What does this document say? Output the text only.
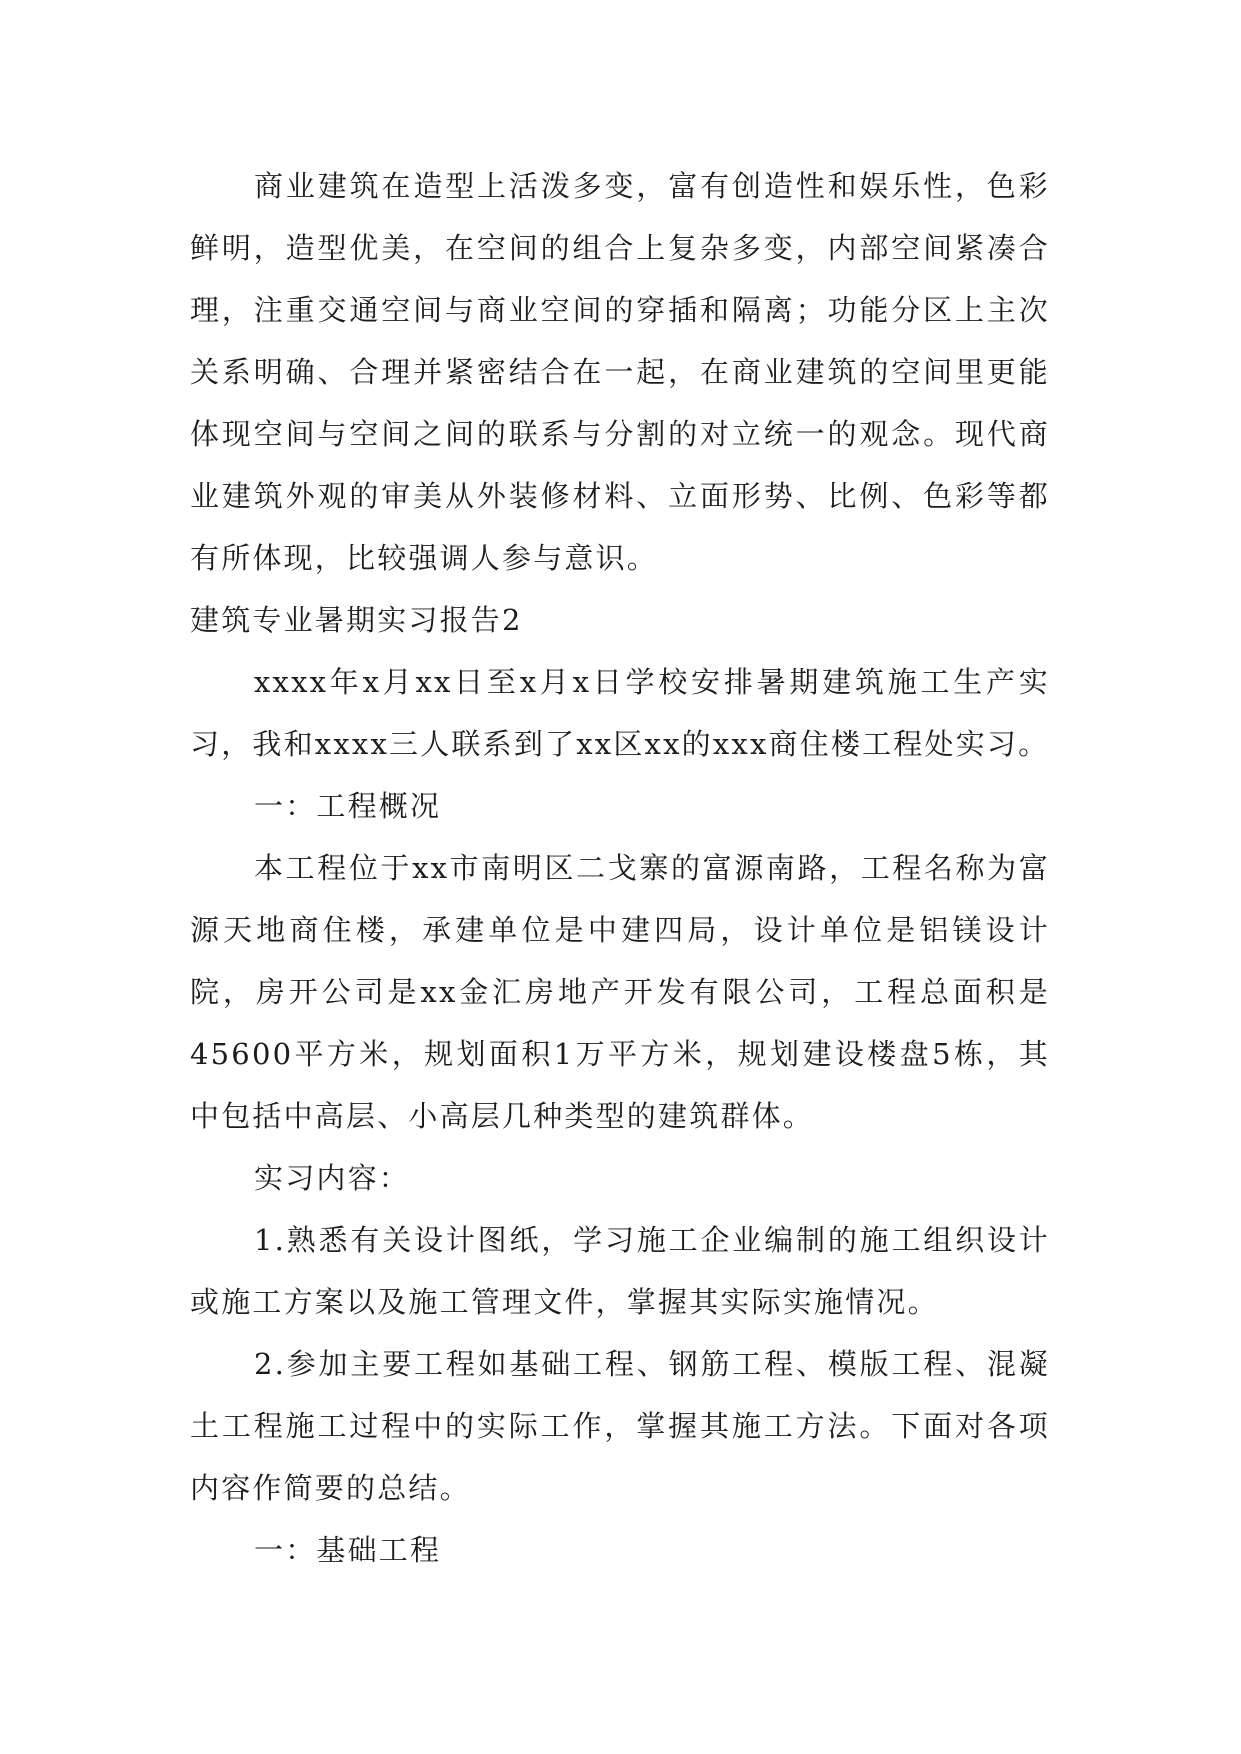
商业建筑在造型上活泼多变，富有创造性和娱乐性，色彩鲜明，造型优美，在空间的组合上复杂多变，内部空间紧凑合理，注重交通空间与商业空间的穿插和隔离；功能分区上主次关系明确、合理并紧密结合在一起，在商业建筑的空间里更能体现空间与空间之间的联系与分割的对立统一的观念。现代商业建筑外观的审美从外装修材料、立面形势、比例、色彩等都有所体现，比较强调人参与意识。

建筑专业暑期实习报告2

xxxx年x月xx日至x月x日学校安排暑期建筑施工生产实习，我和xxxx三人联系到了xx区xx的xxx商住楼工程处实习。

一：工程概况

本工程位于xx市南明区二戈寨的富源南路，工程名称为富源天地商住楼，承建单位是中建四局，设计单位是铝镁设计院，房开公司是xx金汇房地产开发有限公司，工程总面积是45600平方米，规划面积1万平方米，规划建设楼盘5栋，其中包括中高层、小高层几种类型的建筑群体。

实习内容：

1.熟悉有关设计图纸，学习施工企业编制的施工组织设计或施工方案以及施工管理文件，掌握其实际实施情况。

2.参加主要工程如基础工程、钢筋工程、模版工程、混凝土工程施工过程中的实际工作，掌握其施工方法。下面对各项内容作简要的总结。

一：基础工程
